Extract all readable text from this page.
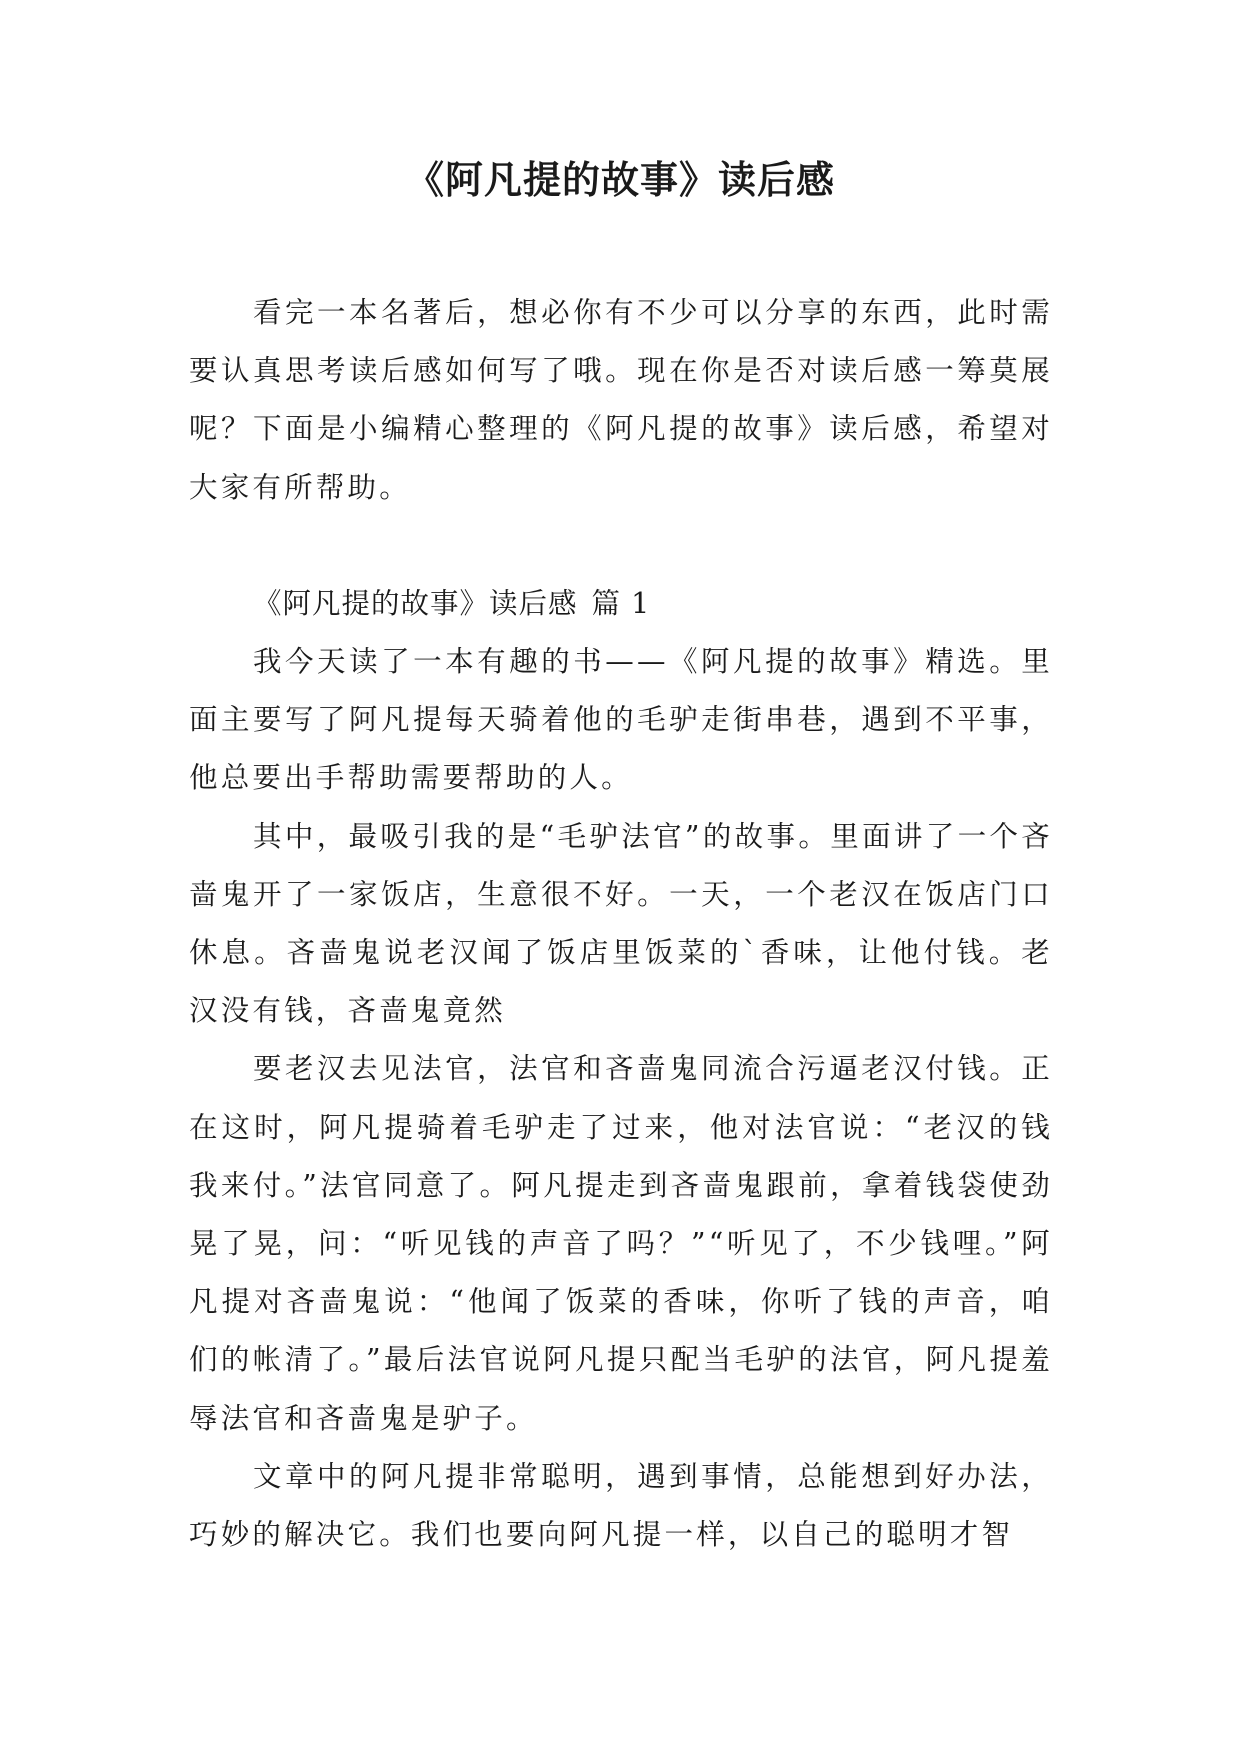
《阿凡提的故事》读后感

看完一本名著后，想必你有不少可以分享的东西，此时需要认真思考读后感如何写了哦。现在你是否对读后感一筹莫展呢？下面是小编精心整理的《阿凡提的故事》读后感，希望对大家有所帮助。

《阿凡提的故事》读后感 篇 1

我今天读了一本有趣的书——《阿凡提的故事》精选。里面主要写了阿凡提每天骑着他的毛驴走街串巷，遇到不平事，他总要出手帮助需要帮助的人。

其中，最吸引我的是“毛驴法官”的故事。里面讲了一个吝啬鬼开了一家饭店，生意很不好。一天，一个老汉在饭店门口休息。吝啬鬼说老汉闻了饭店里饭菜的`香味，让他付钱。老汉没有钱，吝啬鬼竟然

要老汉去见法官，法官和吝啬鬼同流合污逼老汉付钱。正在这时，阿凡提骑着毛驴走了过来，他对法官说：“老汉的钱我来付。”法官同意了。阿凡提走到吝啬鬼跟前，拿着钱袋使劲晃了晃，问：“听见钱的声音了吗？”“听见了，不少钱哩。”阿凡提对吝啬鬼说：“他闻了饭菜的香味，你听了钱的声音，咱们的帐清了。”最后法官说阿凡提只配当毛驴的法官，阿凡提羞辱法官和吝啬鬼是驴子。

文章中的阿凡提非常聪明，遇到事情，总能想到好办法，巧妙的解决它。我们也要向阿凡提一样，以自己的聪明才智
